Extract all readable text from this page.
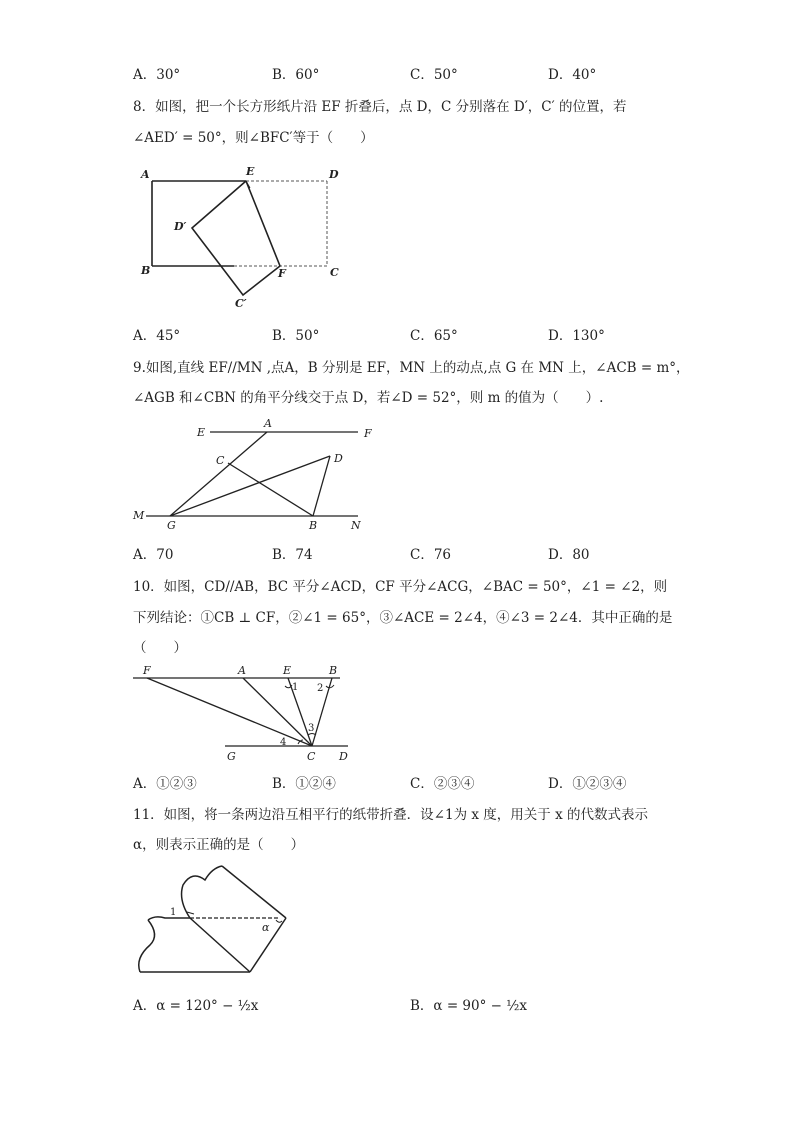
A．30°	B．60°	C．50°	D．40°
8．如图，把一个长方形纸片沿 EF 折叠后，点 D，C 分别落在 D′，C′ 的位置，若
∠AED′ = 50°，则∠BFC′等于（　　）
A	E	D
D′
B	F	C
C′
A．45°	B．50°	C．65°	D．130°
9.如图,直线 EF//MN ,点A，B 分别是 EF，MN 上的动点,点 G 在 MN 上，∠ACB = m°，
∠AGB 和∠CBN 的角平分线交于点 D，若∠D = 52°，则 m 的值为（　　）.
E
A
F
C	D
M
G	B	N
A．70	B．74	C．76	D．80
10．如图，CD//AB，BC 平分∠ACD，CF 平分∠ACG，∠BAC = 50°，∠1 = ∠2，则
下列结论：①CB ⊥ CF，②∠1 = 65°，③∠ACE = 2∠4，④∠3 = 2∠4．其中正确的是
（　　）
F	A	E	B
1 2
3
4
G	C D
A．①②③	B．①②④	C．②③④	D．①②③④
11．如图，将一条两边沿互相平行的纸带折叠．设∠1为 x 度，用关于 x 的代数式表示
α，则表示正确的是（　　）
1
α
A．α = 120° − ½x	B．α = 90° − ½x
